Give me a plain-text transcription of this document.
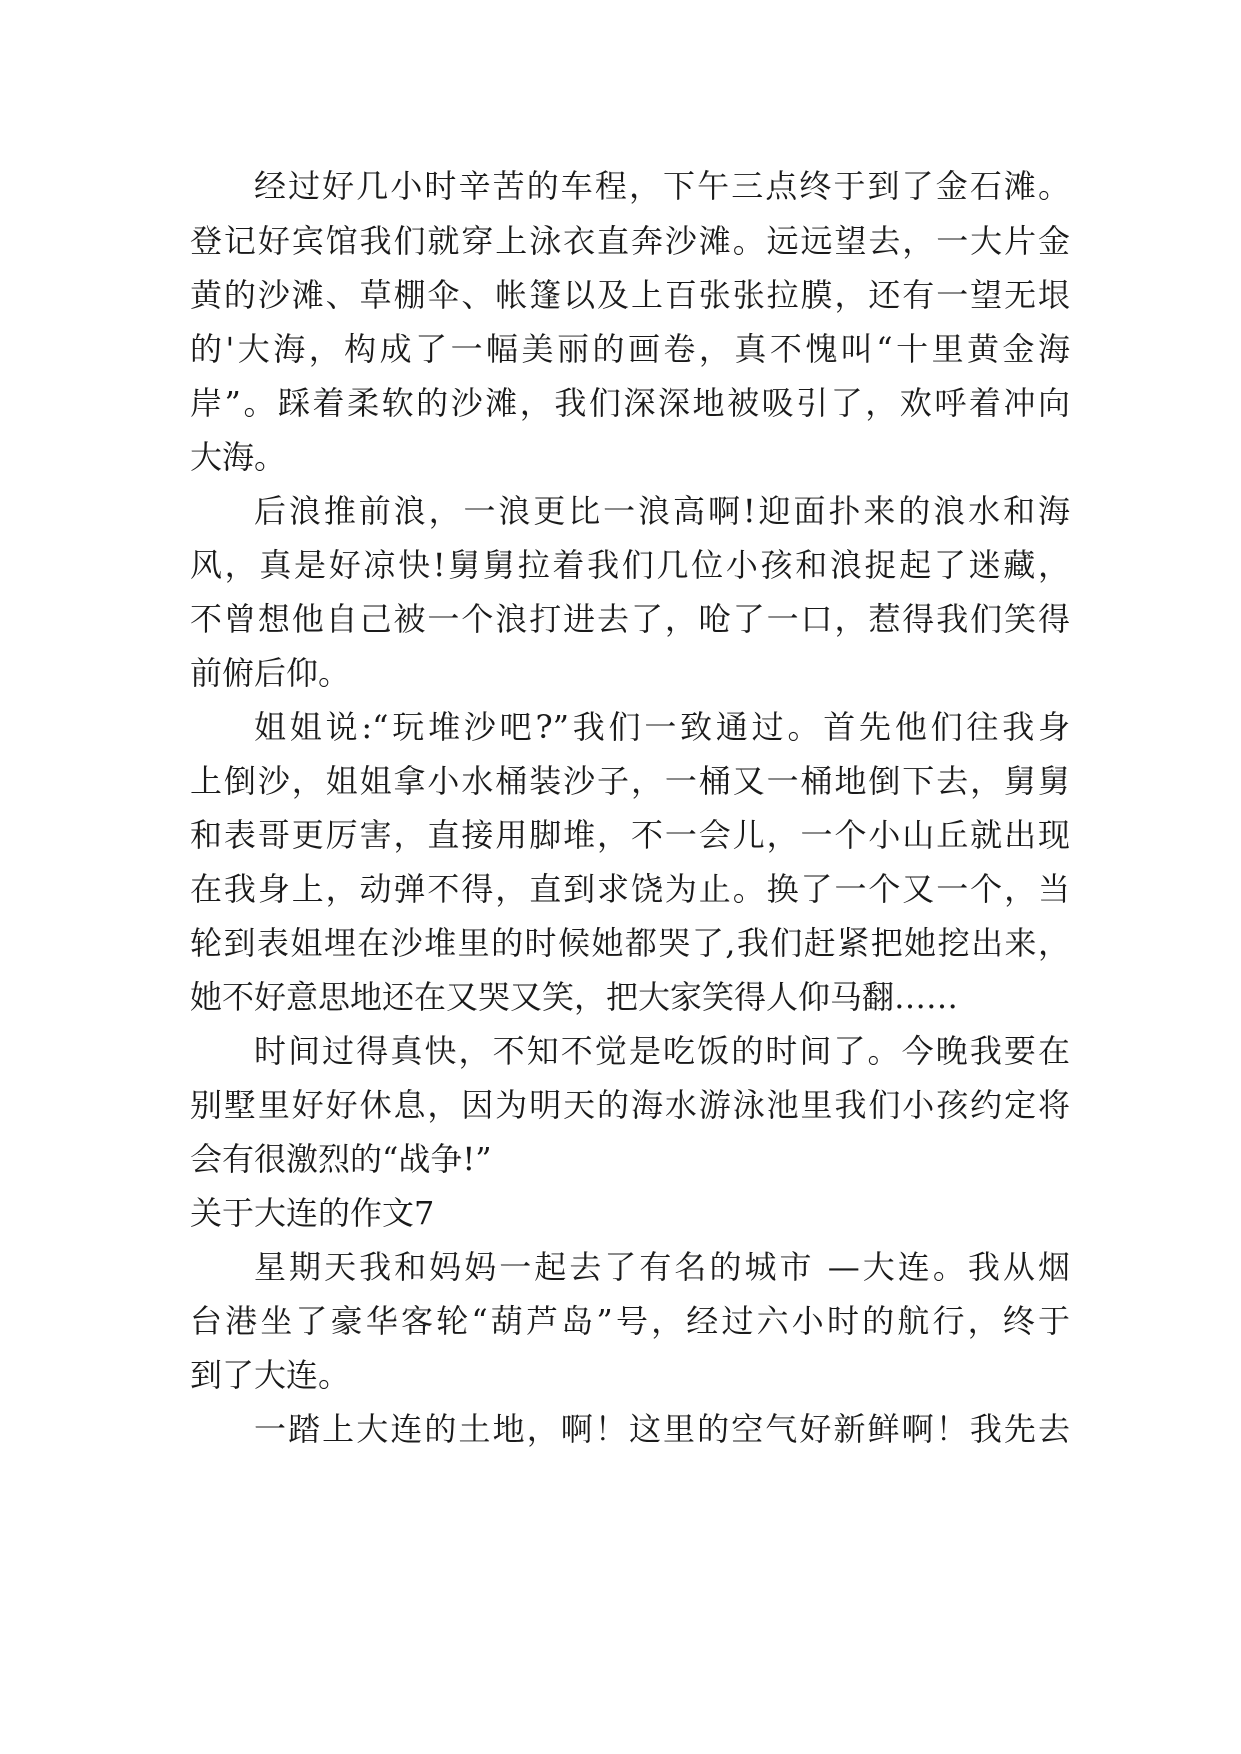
经过好几小时辛苦的车程，下午三点终于到了金石滩。
登记好宾馆我们就穿上泳衣直奔沙滩。远远望去，一大片金
黄的沙滩、草棚伞、帐篷以及上百张张拉膜，还有一望无垠
的'大海，构成了一幅美丽的画卷，真不愧叫“十里黄金海
岸”。踩着柔软的沙滩，我们深深地被吸引了，欢呼着冲向
大海。
后浪推前浪，一浪更比一浪高啊!迎面扑来的浪水和海
风，真是好凉快!舅舅拉着我们几位小孩和浪捉起了迷藏，
不曾想他自己被一个浪打进去了，呛了一口，惹得我们笑得
前俯后仰。
姐姐说:“玩堆沙吧?”我们一致通过。首先他们往我身
上倒沙，姐姐拿小水桶装沙子，一桶又一桶地倒下去，舅舅
和表哥更厉害，直接用脚堆，不一会儿，一个小山丘就出现
在我身上，动弹不得，直到求饶为止。换了一个又一个，当
轮到表姐埋在沙堆里的时候她都哭了,我们赶紧把她挖出来，
她不好意思地还在又哭又笑，把大家笑得人仰马翻……
时间过得真快，不知不觉是吃饭的时间了。今晚我要在
别墅里好好休息，因为明天的海水游泳池里我们小孩约定将
会有很激烈的“战争!”
关于大连的作文7
星期天我和妈妈一起去了有名的城市 —大连。我从烟
台港坐了豪华客轮“葫芦岛”号，经过六小时的航行，终于
到了大连。
一踏上大连的土地，啊！这里的空气好新鲜啊！我先去
